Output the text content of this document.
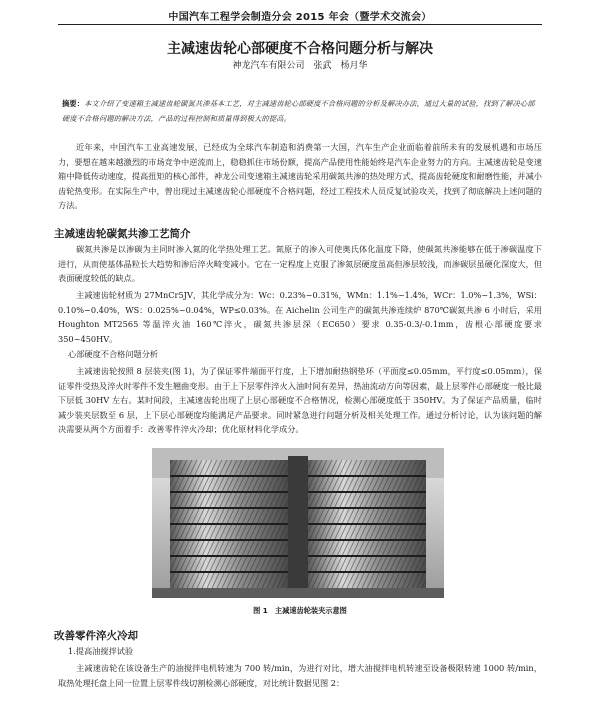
中国汽车工程学会制造分会 2015 年会（暨学术交流会）
主减速齿轮心部硬度不合格问题分析与解决
神龙汽车有限公司　张武　杨月华
摘要：本文介绍了变速箱主减速齿轮碳氮共渗基本工艺，对主减速齿轮心部硬度不合格问题的分析及解决办法，通过大量的试验，找到了解决心部硬度不合格问题的解决方法，产品的过程控制和质量得到极大的提高。
近年来，中国汽车工业高速发展，已经成为全球汽车制造和消费第一大国，汽车生产企业面临着前所未有的发展机遇和市场压力，要想在越来越激烈的市场竞争中逆流而上，稳稳抓住市场份额，提高产品使用性能始终是汽车企业努力的方向。主减速齿轮是变速箱中降低传动速度，提高扭矩的核心部件，神龙公司变速箱主减速齿轮采用碳氮共渗的热处理方式，提高齿轮硬度和耐磨性能，并减小齿轮热变形。在实际生产中，曾出现过主减速齿轮心部硬度不合格问题，经过工程技术人员反复试验攻关，找到了彻底解决上述问题的方法。
主减速齿轮碳氮共渗工艺简介
碳氮共渗是以渗碳为主同时渗入氮的化学热处理工艺。氮原子的渗入可使奥氏体化温度下降，使碳氮共渗能够在低于渗碳温度下进行，从而使基体晶粒长大趋势和渗后淬火畸变减小。它在一定程度上克服了渗氮层硬度虽高但渗层较浅，而渗碳层虽硬化深度大，但表面硬度较低的缺点。
主减速齿轮材质为 27MnCr5JV，其化学成分为：Wc：0.23%~0.31%，WMn：1.1%~1.4%，WCr：1.0%~1.3%，WSi：0.10%~0.40%，WS：0.025%~0.04%，WP≤0.03%。在 Aichelin 公司生产的碳氮共渗连续炉 870℃碳氮共渗 6 小时后，采用 Houghton MT2565 等温淬火油 160℃淬火，碳氮共渗层深（EC650）要求 0.35-0.3/-0.1mm，齿根心部硬度要求 350~450HV。
心部硬度不合格问题分析
主减速齿轮按照 8 层装夹(图 1)，为了保证零件端面平行度，上下增加耐热钢垫环（平面度≤0.05mm，平行度≤0.05mm），保证零件受热及淬火时零件不发生翘曲变形。由于上下层零件淬火入油时间有差异，热油流动方向等因素，最上层零件心部硬度一般比最下层低 30HV 左右。某时间段，主减速齿轮出现了上层心部硬度不合格情况，检测心部硬度低于 350HV。为了保证产品质量，临时减少装夹层数至 6 层，上下层心部硬度均能满足产品要求。同时紧急进行问题分析及相关处理工作。通过分析讨论，认为该问题的解决需要从两个方面着手：改善零件淬火冷却；优化原材料化学成分。
图 1　主减速齿轮装夹示意图
改善零件淬火冷却
1.提高油搅拌试验
主减速齿轮在该设备生产的油搅拌电机转速为 700 转/min，为进行对比，增大油搅拌电机转速至设备极限转速 1000 转/min，取热处理托盘上同一位置上层零件线切割检测心部硬度，对比统计数据见图 2：
